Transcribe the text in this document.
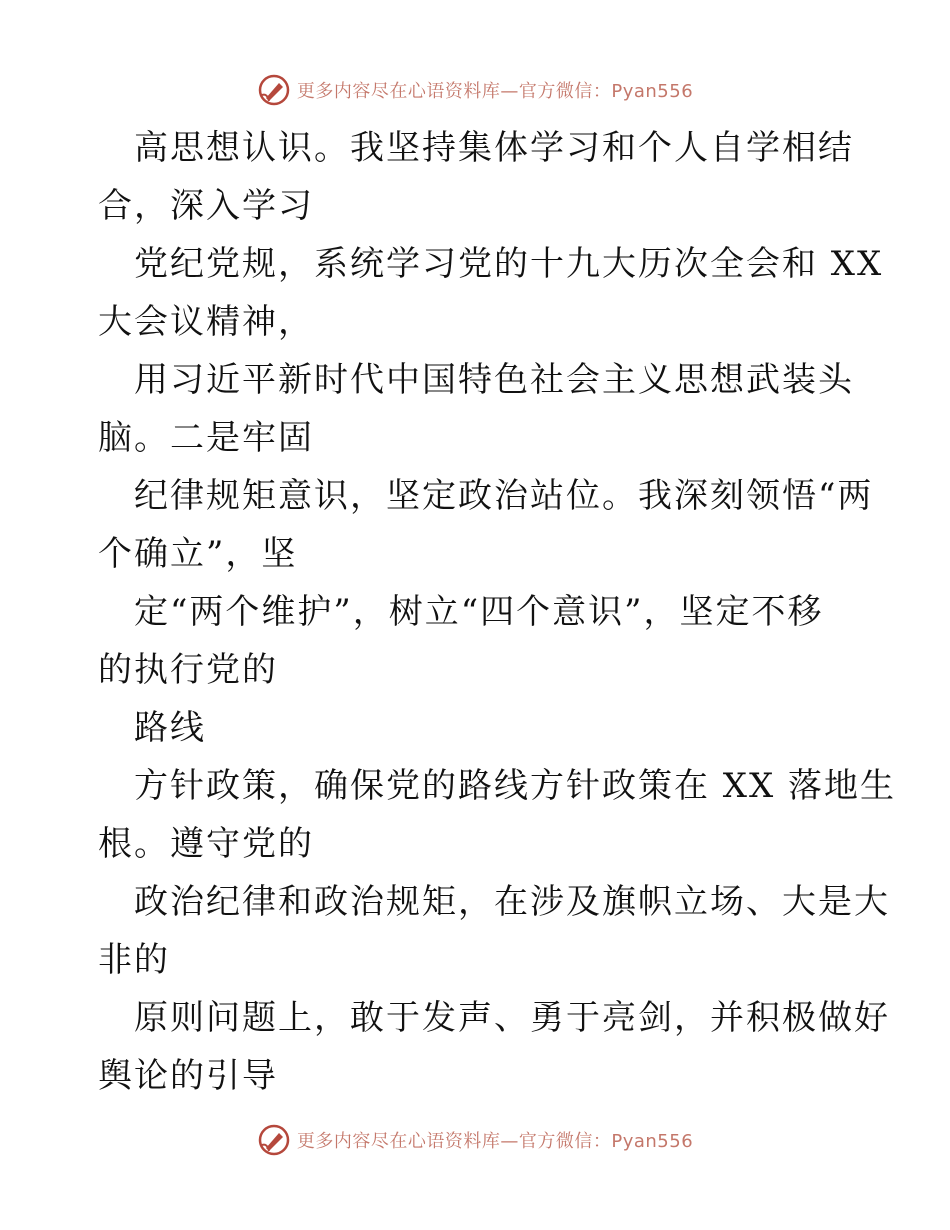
更多内容尽在心语资料库—官方微信：Pyan556
高思想认识。我坚持集体学习和个人自学相结
合，深入学习
党纪党规，系统学习党的十九大历次全会和 XX
大会议精神，
用习近平新时代中国特色社会主义思想武装头
脑。二是牢固
纪律规矩意识，坚定政治站位。我深刻领悟“两
个确立”，坚
定“两个维护”，树立“四个意识”，坚定不移
的执行党的
路线
方针政策，确保党的路线方针政策在 XX 落地生
根。遵守党的
政治纪律和政治规矩，在涉及旗帜立场、大是大
非的
原则问题上，敢于发声、勇于亮剑，并积极做好
舆论的引导
更多内容尽在心语资料库—官方微信：Pyan556
